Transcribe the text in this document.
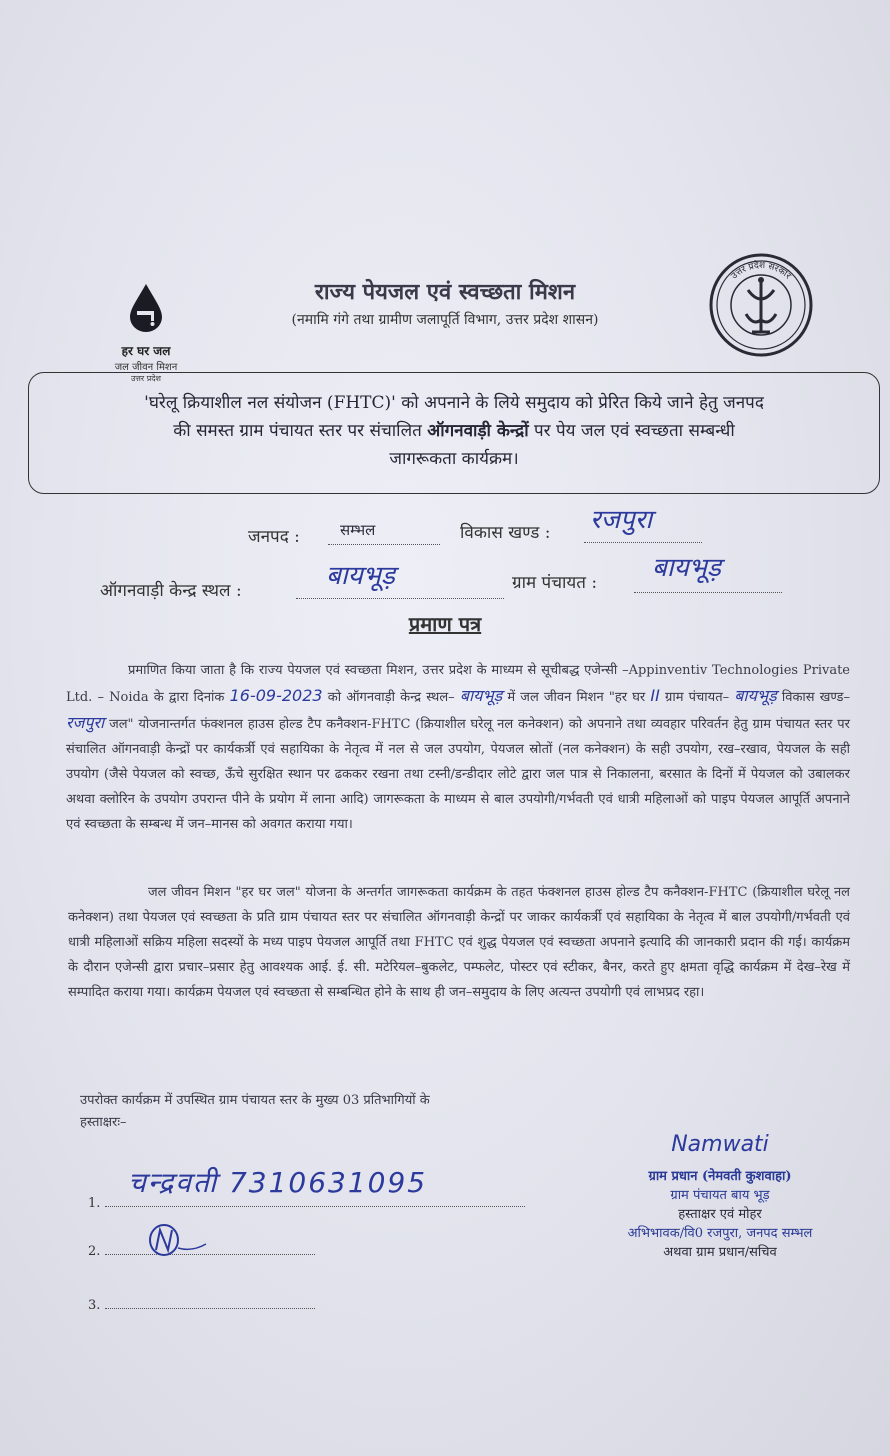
हर घर जल
जल जीवन मिशन
उत्तर प्रदेश
राज्य पेयजल एवं स्वच्छता मिशन
(नमामि गंगे तथा ग्रामीण जलापूर्ति विभाग, उत्तर प्रदेश शासन)
उत्तर प्रदेश सरकार
'घरेलू क्रियाशील नल संयोजन (FHTC)' को अपनाने के लिये समुदाय को प्रेरित किये जाने हेतु जनपद
की समस्त ग्राम पंचायत स्तर पर संचालित ऑगनवाड़ी केन्द्रों पर पेय जल एवं स्वच्छता सम्बन्धी
जागरूकता कार्यक्रम।
जनपद :	सम्भल	विकास खण्ड : रजपुरा
ऑगनवाड़ी केन्द्र स्थल :	बायभूड़	ग्राम पंचायत : बायभूड़
प्रमाण पत्र
प्रमाणित किया जाता है कि राज्य पेयजल एवं स्वच्छता मिशन, उत्तर प्रदेश के माध्यम से सूचीबद्ध एजेन्सी –Appinventiv Technologies Private Ltd. – Noida के द्वारा दिनांक 16-09-2023 को ऑगनवाड़ी केन्द्र स्थल– बायभूड़ में जल जीवन मिशन "हर घर II ग्राम पंचायत– बायभूड़ विकास खण्ड– रजपुरा जल" योजनान्तर्गत फंक्शनल हाउस होल्ड टैप कनैक्शन-FHTC (क्रियाशील घरेलू नल कनेक्शन) को अपनाने तथा व्यवहार परिवर्तन हेतु ग्राम पंचायत स्तर पर संचालित ऑगनवाड़ी केन्द्रों पर कार्यकर्त्री एवं सहायिका के नेतृत्व में नल से जल उपयोग, पेयजल स्रोतों (नल कनेक्शन) के सही उपयोग, रख–रखाव, पेयजल के सही उपयोग (जैसे पेयजल को स्वच्छ, ऊँचे सुरक्षित स्थान पर ढककर रखना तथा टस्नी/डन्डीदार लोटे द्वारा जल पात्र से निकालना, बरसात के दिनों में पेयजल को उबालकर अथवा क्लोरिन के उपयोग उपरान्त पीने के प्रयोग में लाना आदि) जागरूकता के माध्यम से बाल उपयोगी/गर्भवती एवं धात्री महिलाओं को पाइप पेयजल आपूर्ति अपनाने एवं स्वच्छता के सम्बन्ध में जन–मानस को अवगत कराया गया।
जल जीवन मिशन "हर घर जल" योजना के अन्तर्गत जागरूकता कार्यक्रम के तहत फंक्शनल हाउस होल्ड टैप कनैक्शन-FHTC (क्रियाशील घरेलू नल कनेक्शन) तथा पेयजल एवं स्वच्छता के प्रति ग्राम पंचायत स्तर पर संचालित ऑगनवाड़ी केन्द्रों पर जाकर कार्यकर्त्री एवं सहायिका के नेतृत्व में बाल उपयोगी/गर्भवती एवं धात्री महिलाओं सक्रिय महिला सदस्यों के मध्य पाइप पेयजल आपूर्ति तथा FHTC एवं शुद्ध पेयजल एवं स्वच्छता अपनाने इत्यादि की जानकारी प्रदान की गई। कार्यक्रम के दौरान एजेन्सी द्वारा प्रचार–प्रसार हेतु आवश्यक आई. ई. सी. मटेरियल–बुकलेट, पम्फलेट, पोस्टर एवं स्टीकर, बैनर, करते हुए क्षमता वृद्धि कार्यक्रम में देख–रेख में सम्पादित कराया गया। कार्यक्रम पेयजल एवं स्वच्छता से सम्बन्धित होने के साथ ही जन–समुदाय के लिए अत्यन्त उपयोगी एवं लाभप्रद रहा।
उपरोक्त कार्यक्रम में उपस्थित ग्राम पंचायत स्तर के मुख्य 03 प्रतिभागियों के
हस्ताक्षरः–
1.
चन्द्रवती 7310631095
2.
3.
Namwati
ग्राम प्रधान (नेमवती कुशवाहा)
ग्राम पंचायत बाय भूड़
हस्ताक्षर एवं मोहर
अभिभावक/वि0 रजपुरा, जनपद सम्भल
अथवा ग्राम प्रधान/सचिव
